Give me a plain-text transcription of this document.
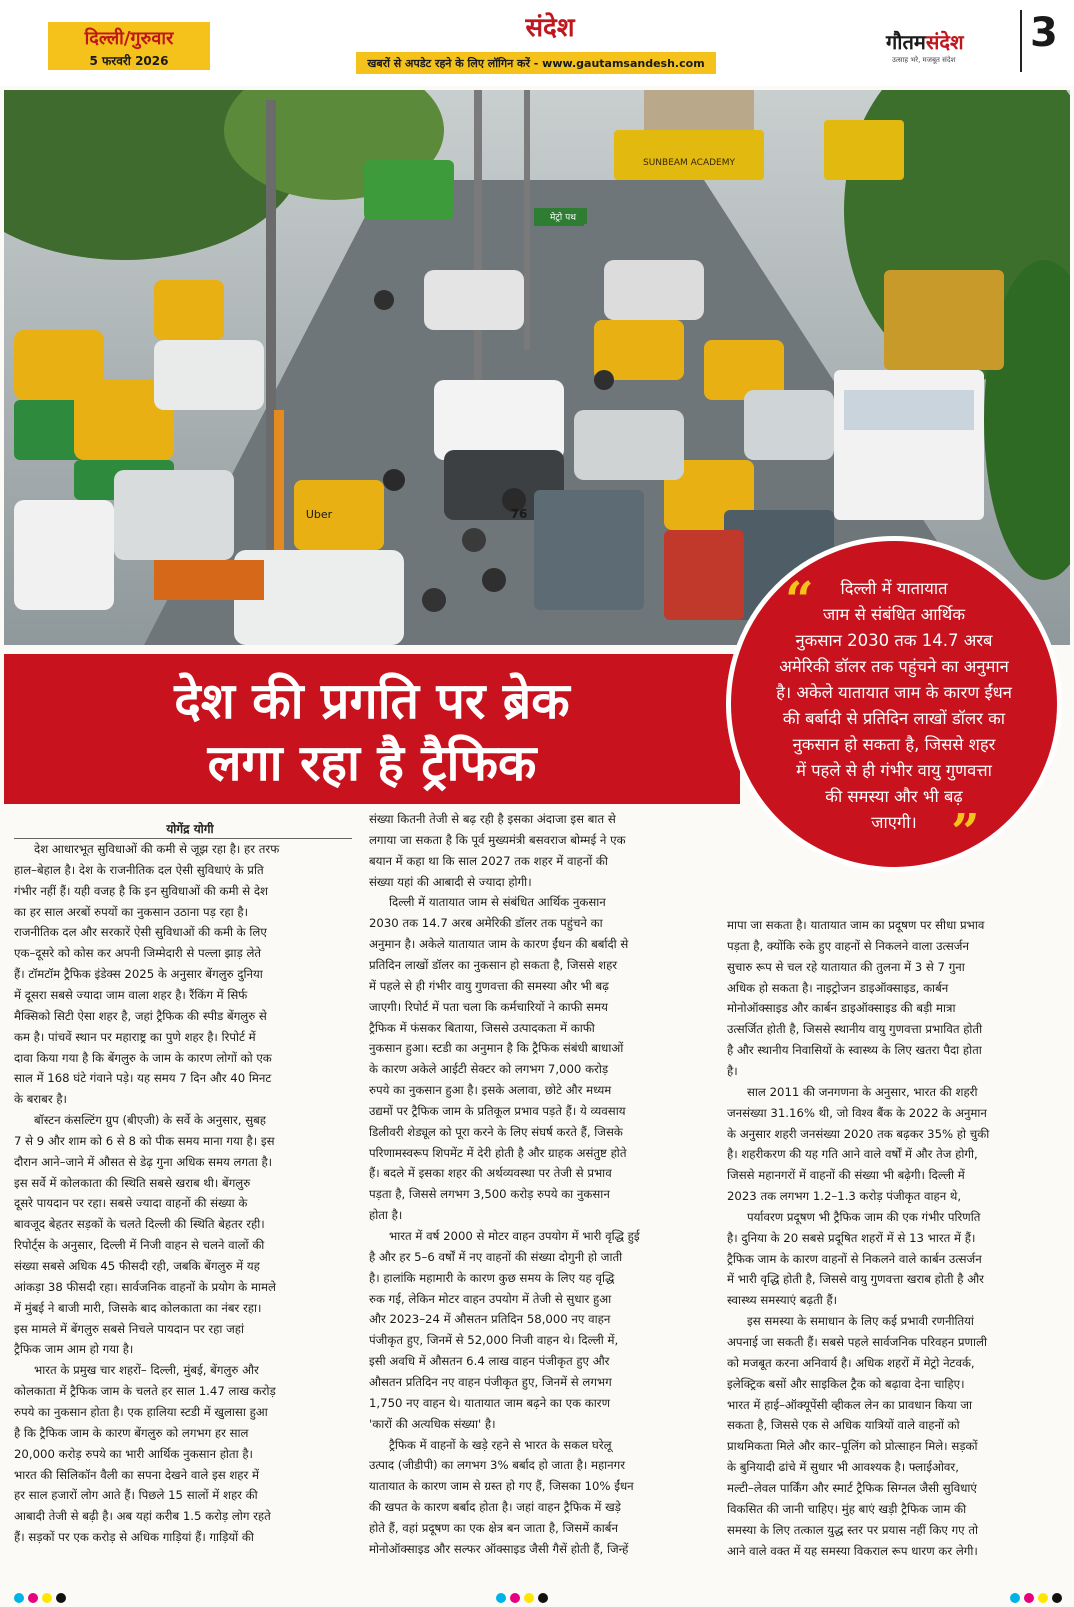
दिल्ली/गुरुवार
5 फरवरी 2026
संदेश
खबरों से अपडेट रहने के लिए लॉगिन करें - www.gautamsandesh.com
गौतमसंदेश
उत्साह भरे, मजबूत संदेश
3
मेट्रो पथ
SUNBEAM ACADEMY
Uber	76
देश की प्रगति पर ब्रेक
लगा रहा है ट्रैफिक
“	दिल्ली में यातायात
जाम से संबंधित आर्थिक
नुकसान 2030 तक 14.7 अरब
अमेरिकी डॉलर तक पहुंचने का अनुमान
है। अकेले यातायात जाम के कारण ईंधन
की बर्बादी से प्रतिदिन लाखों डॉलर का
नुकसान हो सकता है, जिससे शहर
में पहले से ही गंभीर वायु गुणवत्ता
की समस्या और भी बढ़
जाएगी। ”
योगेंद्र योगी
देश आधारभूत सुविधाओं की कमी से जूझ रहा है। हर तरफ
हाल–बेहाल है। देश के राजनीतिक दल ऐसी सुविधाएं के प्रति
गंभीर नहीं हैं। यही वजह है कि इन सुविधाओं की कमी से देश
का हर साल अरबों रुपयों का नुकसान उठाना पड़ रहा है।
राजनीतिक दल और सरकारें ऐसी सुविधाओं की कमी के लिए
एक–दूसरे को कोस कर अपनी जिम्मेदारी से पल्ला झाड़ लेते
हैं। टॉमटॉम ट्रैफिक इंडेक्स 2025 के अनुसार बेंगलुरु दुनिया
में दूसरा सबसे ज्यादा जाम वाला शहर है। रैंकिंग में सिर्फ
मैक्सिको सिटी ऐसा शहर है, जहां ट्रैफिक की स्पीड बेंगलुरु से
कम है। पांचवें स्थान पर महाराष्ट्र का पुणे शहर है। रिपोर्ट में
दावा किया गया है कि बेंगलुरु के जाम के कारण लोगों को एक
साल में 168 घंटे गंवाने पड़े। यह समय 7 दिन और 40 मिनट
के बराबर है।
बॉस्टन कंसल्टिंग ग्रुप (बीएजी) के सर्वे के अनुसार, सुबह
7 से 9 और शाम को 6 से 8 को पीक समय माना गया है। इस
दौरान आने–जाने में औसत से डेढ़ गुना अधिक समय लगता है।
इस सर्वे में कोलकाता की स्थिति सबसे खराब थी। बेंगलुरु
दूसरे पायदान पर रहा। सबसे ज्यादा वाहनों की संख्या के
बावजूद बेहतर सड़कों के चलते दिल्ली की स्थिति बेहतर रही।
रिपोर्ट्स के अनुसार, दिल्ली में निजी वाहन से चलने वालों की
संख्या सबसे अधिक 45 फीसदी रही, जबकि बेंगलुरु में यह
आंकड़ा 38 फीसदी रहा। सार्वजनिक वाहनों के प्रयोग के मामले
में मुंबई ने बाजी मारी, जिसके बाद कोलकाता का नंबर रहा।
इस मामले में बेंगलुरु सबसे निचले पायदान पर रहा जहां
ट्रैफिक जाम आम हो गया है।
भारत के प्रमुख चार शहरों– दिल्ली, मुंबई, बेंगलुरु और
कोलकाता में ट्रैफिक जाम के चलते हर साल 1.47 लाख करोड़
रुपये का नुकसान होता है। एक हालिया स्टडी में खुलासा हुआ
है कि ट्रैफिक जाम के कारण बेंगलुरु को लगभग हर साल
20,000 करोड़ रुपये का भारी आर्थिक नुकसान होता है।
भारत की सिलिकॉन वैली का सपना देखने वाले इस शहर में
हर साल हजारों लोग आते हैं। पिछले 15 सालों में शहर की
आबादी तेजी से बढ़ी है। अब यहां करीब 1.5 करोड़ लोग रहते
हैं। सड़कों पर एक करोड़ से अधिक गाड़ियां हैं। गाड़ियों की
संख्या कितनी तेजी से बढ़ रही है इसका अंदाजा इस बात से
लगाया जा सकता है कि पूर्व मुख्यमंत्री बसवराज बोम्मई ने एक
बयान में कहा था कि साल 2027 तक शहर में वाहनों की
संख्या यहां की आबादी से ज्यादा होगी।
दिल्ली में यातायात जाम से संबंधित आर्थिक नुकसान
2030 तक 14.7 अरब अमेरिकी डॉलर तक पहुंचने का
अनुमान है। अकेले यातायात जाम के कारण ईंधन की बर्बादी से
प्रतिदिन लाखों डॉलर का नुकसान हो सकता है, जिससे शहर
में पहले से ही गंभीर वायु गुणवत्ता की समस्या और भी बढ़
जाएगी। रिपोर्ट में पता चला कि कर्मचारियों ने काफी समय
ट्रैफिक में फंसकर बिताया, जिससे उत्पादकता में काफी
नुकसान हुआ। स्टडी का अनुमान है कि ट्रैफिक संबंधी बाधाओं
के कारण अकेले आईटी सेक्टर को लगभग 7,000 करोड़
रुपये का नुकसान हुआ है। इसके अलावा, छोटे और मध्यम
उद्यमों पर ट्रैफिक जाम के प्रतिकूल प्रभाव पड़ते हैं। ये व्यवसाय
डिलीवरी शेड्यूल को पूरा करने के लिए संघर्ष करते हैं, जिसके
परिणामस्वरूप शिपमेंट में देरी होती है और ग्राहक असंतुष्ट होते
हैं। बदले में इसका शहर की अर्थव्यवस्था पर तेजी से प्रभाव
पड़ता है, जिससे लगभग 3,500 करोड़ रुपये का नुकसान
होता है।
भारत में वर्ष 2000 से मोटर वाहन उपयोग में भारी वृद्धि हुई
है और हर 5–6 वर्षों में नए वाहनों की संख्या दोगुनी हो जाती
है। हालांकि महामारी के कारण कुछ समय के लिए यह वृद्धि
रुक गई, लेकिन मोटर वाहन उपयोग में तेजी से सुधार हुआ
और 2023–24 में औसतन प्रतिदिन 58,000 नए वाहन
पंजीकृत हुए, जिनमें से 52,000 निजी वाहन थे। दिल्ली में,
इसी अवधि में औसतन 6.4 लाख वाहन पंजीकृत हुए और
औसतन प्रतिदिन नए वाहन पंजीकृत हुए, जिनमें से लगभग
1,750 नए वाहन थे। यातायात जाम बढ़ने का एक कारण
'कारों की अत्यधिक संख्या' है।
ट्रैफिक में वाहनों के खड़े रहने से भारत के सकल घरेलू
उत्पाद (जीडीपी) का लगभग 3% बर्बाद हो जाता है। महानगर
यातायात के कारण जाम से ग्रस्त हो गए हैं, जिसका 10% ईंधन
की खपत के कारण बर्बाद होता है। जहां वाहन ट्रैफिक में खड़े
होते हैं, वहां प्रदूषण का एक क्षेत्र बन जाता है, जिसमें कार्बन
मोनोऑक्साइड और सल्फर ऑक्साइड जैसी गैसें होती हैं, जिन्हें
मापा जा सकता है। यातायात जाम का प्रदूषण पर सीधा प्रभाव
पड़ता है, क्योंकि रुके हुए वाहनों से निकलने वाला उत्सर्जन
सुचारु रूप से चल रहे यातायात की तुलना में 3 से 7 गुना
अधिक हो सकता है। नाइट्रोजन डाइऑक्साइड, कार्बन
मोनोऑक्साइड और कार्बन डाइऑक्साइड की बड़ी मात्रा
उत्सर्जित होती है, जिससे स्थानीय वायु गुणवत्ता प्रभावित होती
है और स्थानीय निवासियों के स्वास्थ्य के लिए खतरा पैदा होता
है।
साल 2011 की जनगणना के अनुसार, भारत की शहरी
जनसंख्या 31.16% थी, जो विश्व बैंक के 2022 के अनुमान
के अनुसार शहरी जनसंख्या 2020 तक बढ़कर 35% हो चुकी
है। शहरीकरण की यह गति आने वाले वर्षों में और तेज होगी,
जिससे महानगरों में वाहनों की संख्या भी बढ़ेगी। दिल्ली में
2023 तक लगभग 1.2–1.3 करोड़ पंजीकृत वाहन थे,
पर्यावरण प्रदूषण भी ट्रैफिक जाम की एक गंभीर परिणति
है। दुनिया के 20 सबसे प्रदूषित शहरों में से 13 भारत में हैं।
ट्रैफिक जाम के कारण वाहनों से निकलने वाले कार्बन उत्सर्जन
में भारी वृद्धि होती है, जिससे वायु गुणवत्ता खराब होती है और
स्वास्थ्य समस्याएं बढ़ती हैं।
इस समस्या के समाधान के लिए कई प्रभावी रणनीतियां
अपनाई जा सकती हैं। सबसे पहले सार्वजनिक परिवहन प्रणाली
को मजबूत करना अनिवार्य है। अधिक शहरों में मेट्रो नेटवर्क,
इलेक्ट्रिक बसों और साइकिल ट्रैक को बढ़ावा देना चाहिए।
भारत में हाई–ऑक्यूपेंसी व्हीकल लेन का प्रावधान किया जा
सकता है, जिससे एक से अधिक यात्रियों वाले वाहनों को
प्राथमिकता मिले और कार–पूलिंग को प्रोत्साहन मिले। सड़कों
के बुनियादी ढांचे में सुधार भी आवश्यक है। फ्लाईओवर,
मल्टी–लेवल पार्किंग और स्मार्ट ट्रैफिक सिग्नल जैसी सुविधाएं
विकसित की जानी चाहिए। मुंह बाएं खड़ी ट्रैफिक जाम की
समस्या के लिए तत्काल युद्ध स्तर पर प्रयास नहीं किए गए तो
आने वाले वक्त में यह समस्या विकराल रूप धारण कर लेगी।
